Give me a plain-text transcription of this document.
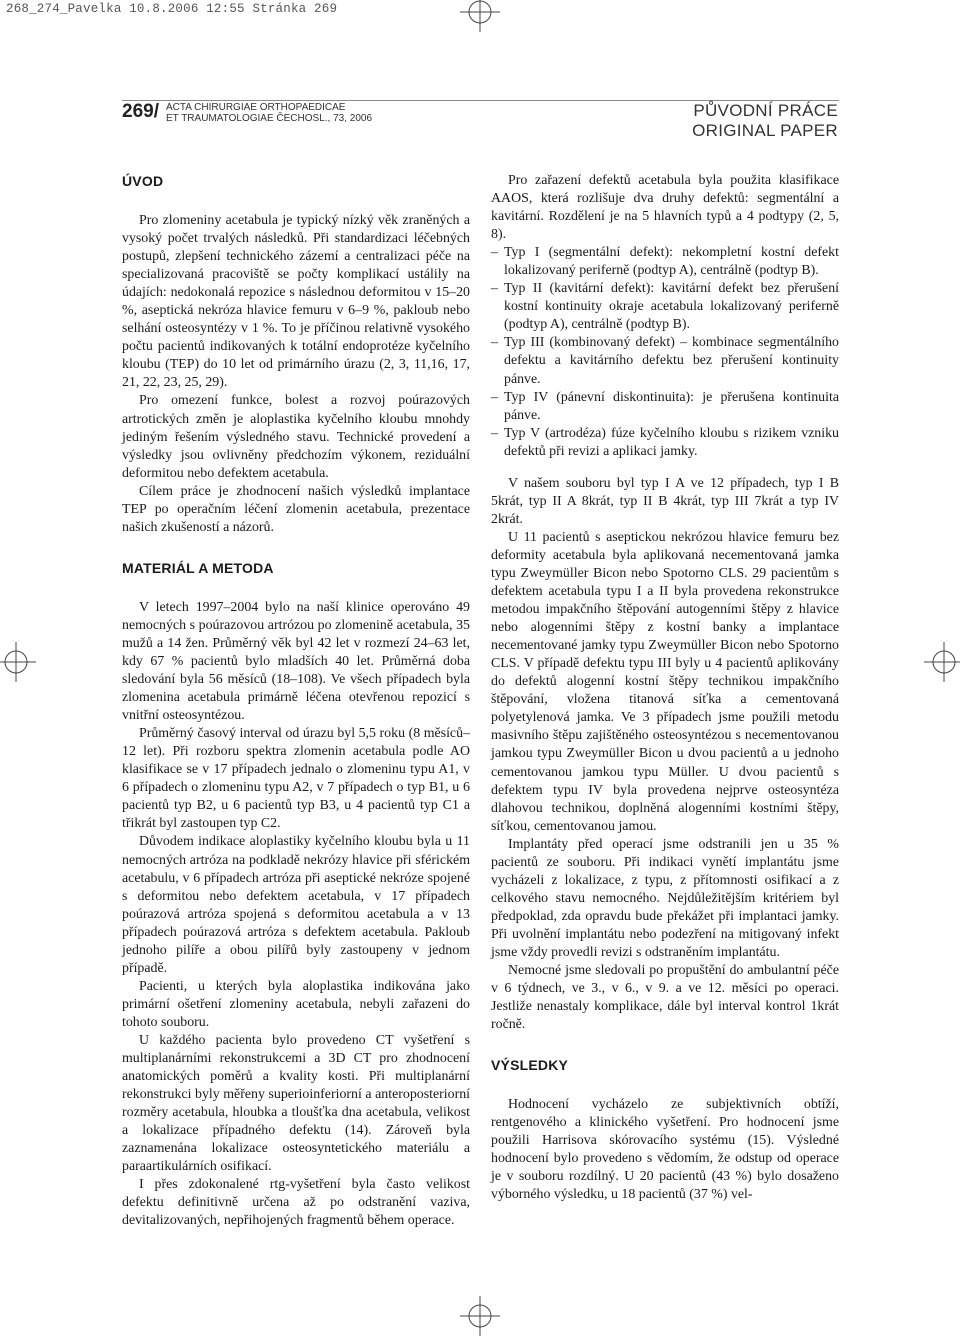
268_274_Pavelka 10.8.2006 12:55 Stránka 269
269/ ACTA CHIRURGIAE ORTHOPAEDICAE
ET TRAUMATOLOGIAE ČECHOSL., 73, 2006	PŮVODNÍ PRÁCE
ORIGINAL PAPER
ÚVOD

Pro zlomeniny acetabula je typický nízký věk zraněných a vysoký počet trvalých následků. Při standardizaci léčebných postupů, zlepšení technického zázemí a centralizaci péče na specializovaná pracoviště se počty komplikací ustálily na údajích: nedokonalá repozice s následnou deformitou v 15–20 %, aseptická nekróza hlavice femuru v 6–9 %, pakloub nebo selhání osteosyntézy v 1 %. To je příčinou relativně vysokého počtu pacientů indikovaných k totální endoprotéze kyčelního kloubu (TEP) do 10 let od primárního úrazu (2, 3, 11,16, 17, 21, 22, 23, 25, 29).

Pro omezení funkce, bolest a rozvoj poúrazových artrotických změn je aloplastika kyčelního kloubu mnohdy jediným řešením výsledného stavu. Technické provedení a výsledky jsou ovlivněny předchozím výkonem, reziduální deformitou nebo defektem acetabula.

Cílem práce je zhodnocení našich výsledků implantace TEP po operačním léčení zlomenin acetabula, prezentace našich zkušeností a názorů.

MATERIÁL A METODA

V letech 1997–2004 bylo na naší klinice operováno 49 nemocných s poúrazovou artrózou po zlomenině acetabula, 35 mužů a 14 žen. Průměrný věk byl 42 let v rozmezí 24–63 let, kdy 67 % pacientů bylo mladších 40 let. Průměrná doba sledování byla 56 měsíců (18–108). Ve všech případech byla zlomenina acetabula primárně léčena otevřenou repozicí s vnitřní osteosyntézou.

Průměrný časový interval od úrazu byl 5,5 roku (8 měsíců–12 let). Při rozboru spektra zlomenin acetabula podle AO klasifikace se v 17 případech jednalo o zlomeninu typu A1, v 6 případech o zlomeninu typu A2, v 7 případech o typ B1, u 6 pacientů typ B2, u 6 pacientů typ B3, u 4 pacientů typ C1 a třikrát byl zastoupen typ C2.

Důvodem indikace aloplastiky kyčelního kloubu byla u 11 nemocných artróza na podkladě nekrózy hlavice při sférickém acetabulu, v 6 případech artróza při aseptické nekróze spojené s deformitou nebo defektem acetabula, v 17 případech poúrazová artróza spojená s deformitou acetabula a v 13 případech poúrazová artróza s defektem acetabula. Pakloub jednoho pilíře a obou pilířů byly zastoupeny v jednom případě.

Pacienti, u kterých byla aloplastika indikována jako primární ošetření zlomeniny acetabula, nebyli zařazeni do tohoto souboru.

U každého pacienta bylo provedeno CT vyšetření s multiplanárními rekonstrukcemi a 3D CT pro zhodnocení anatomických poměrů a kvality kosti. Při multiplanární rekonstrukci byly měřeny superioinferiorní a anteroposteriorní rozměry acetabula, hloubka a tloušťka dna acetabula, velikost a lokalizace případného defektu (14). Zároveň byla zaznamenána lokalizace osteosyntetického materiálu a paraartikulárních osifikací.

I přes zdokonalené rtg-vyšetření byla často velikost defektu definitivně určena až po odstranění vaziva, devitalizovaných, nepřihojených fragmentů během operace.

Pro zařazení defektů acetabula byla použita klasifikace AAOS, která rozlišuje dva druhy defektů: segmentální a kavitární. Rozdělení je na 5 hlavních typů a 4 podtypy (2, 5, 8).

– Typ I (segmentální defekt): nekompletní kostní defekt lokalizovaný periferně (podtyp A), centrálně (podtyp B).
– Typ II (kavitární defekt): kavitární defekt bez přerušení kostní kontinuity okraje acetabula lokalizovaný periferně (podtyp A), centrálně (podtyp B).
– Typ III (kombinovaný defekt) – kombinace segmentálního defektu a kavitárního defektu bez přerušení kontinuity pánve.
– Typ IV (pánevní diskontinuita): je přerušena kontinuita pánve.
– Typ V (artrodéza) fúze kyčelního kloubu s rizikem vzniku defektů při revizi a aplikaci jamky.

V našem souboru byl typ I A ve 12 případech, typ I B 5krát, typ II A 8krát, typ II B 4krát, typ III 7krát a typ IV 2krát.

U 11 pacientů s aseptickou nekrózou hlavice femuru bez deformity acetabula byla aplikovaná necementovaná jamka typu Zweymüller Bicon nebo Spotorno CLS. 29 pacientům s defektem acetabula typu I a II byla provedena rekonstrukce metodou impakčního štěpování autogenními štěpy z hlavice nebo alogenními štěpy z kostní banky a implantace necementované jamky typu Zweymüller Bicon nebo Spotorno CLS. V případě defektu typu III byly u 4 pacientů aplikovány do defektů alogenní kostní štěpy technikou impakčního štěpování, vložena titanová síťka a cementovaná polyetylenová jamka. Ve 3 případech jsme použili metodu masivního štěpu zajištěného osteosyntézou s necementovanou jamkou typu Zweymüller Bicon u dvou pacientů a u jednoho cementovanou jamkou typu Müller. U dvou pacientů s defektem typu IV byla provedena nejprve osteosyntéza dlahovou technikou, doplněná alogenními kostními štěpy, síťkou, cementovanou jamou.

Implantáty před operací jsme odstranili jen u 35 % pacientů ze souboru. Při indikaci vynětí implantátu jsme vycházeli z lokalizace, z typu, z přítomnosti osifikací a z celkového stavu nemocného. Nejdůležitějším kritériem byl předpoklad, zda opravdu bude překážet při implantaci jamky. Při uvolnění implantátu nebo podezření na mitigovaný infekt jsme vždy provedli revizi s odstraněním implantátu.

Nemocné jsme sledovali po propuštění do ambulantní péče v 6 týdnech, ve 3., v 6., v 9. a ve 12. měsíci po operaci. Jestliže nenastaly komplikace, dále byl interval kontrol 1krát ročně.

VÝSLEDKY

Hodnocení vycházelo ze subjektivních obtíží, rentgenového a klinického vyšetření. Pro hodnocení jsme použili Harrisova skórovacího systému (15). Výsledné hodnocení bylo provedeno s vědomím, že odstup od operace je v souboru rozdílný. U 20 pacientů (43 %) bylo dosaženo výborného výsledku, u 18 pacientů (37 %) vel-
